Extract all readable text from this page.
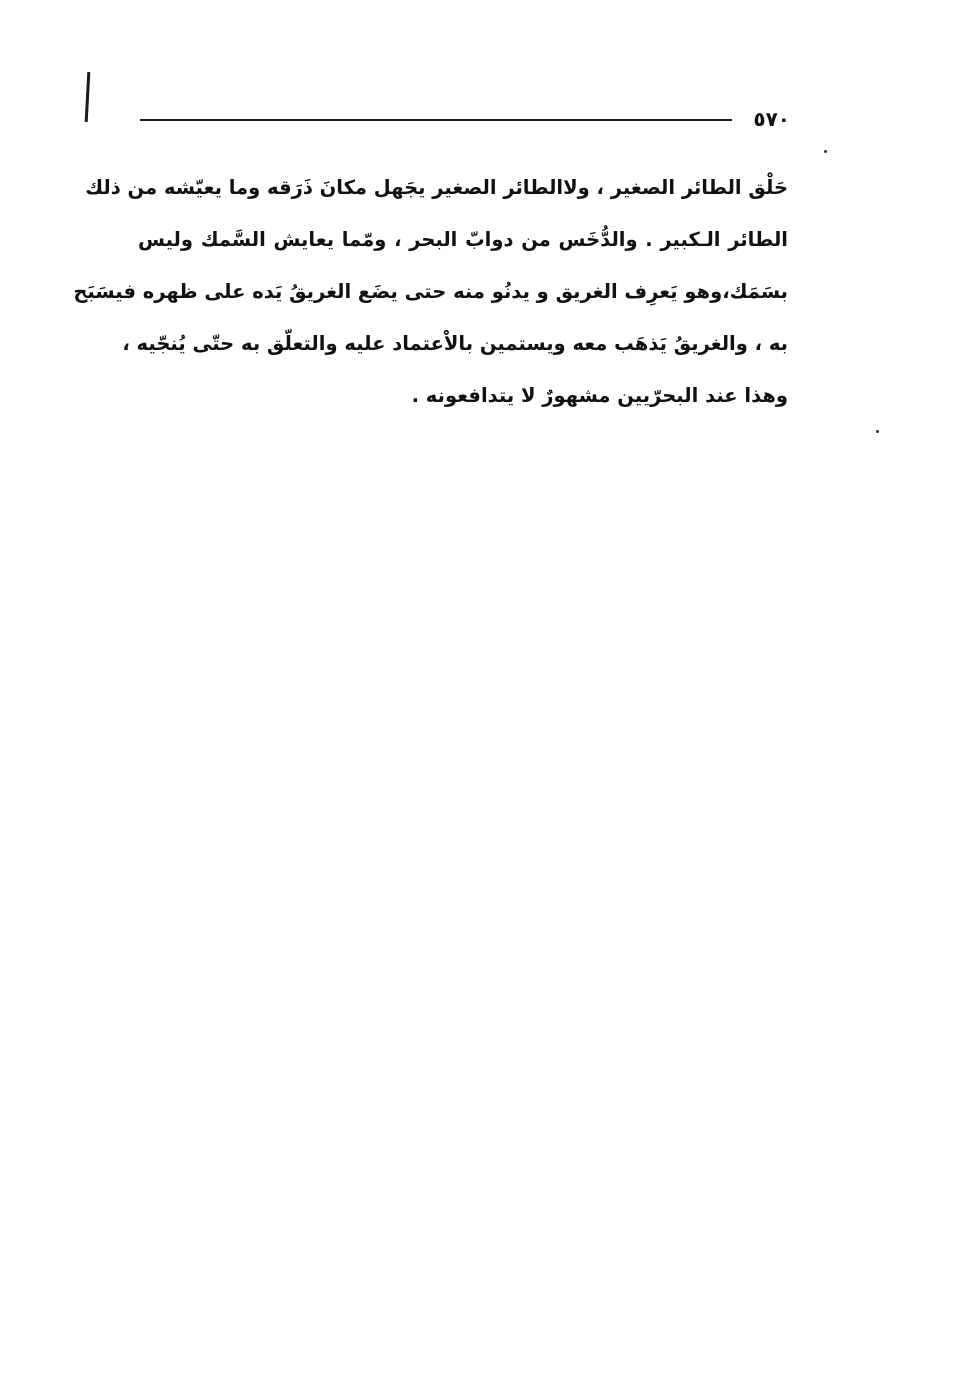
٥٧٠
حَلْق الطائر الصغير ، ولاالطائر الصغير يجَهل مكانَ ذَرَقه وما يعيّشه من ذلك
الطائر الـكبير . والدُّخَس من دوابّ البحر ، ومّما يعايش السَّمك وليس
بسَمَك،وهو يَعرِف الغريق و يدنُو منه حتى يضَع الغريقُ يَده على ظهره فيسَبَح
به ، والغريقُ يَذهَب معه ويستمين بالاْعتماد عليه والتعلّق به حتّى يُنجّيه ،
وهذا عند البحرّيين مشهورٌ لا يتدافعونه .
